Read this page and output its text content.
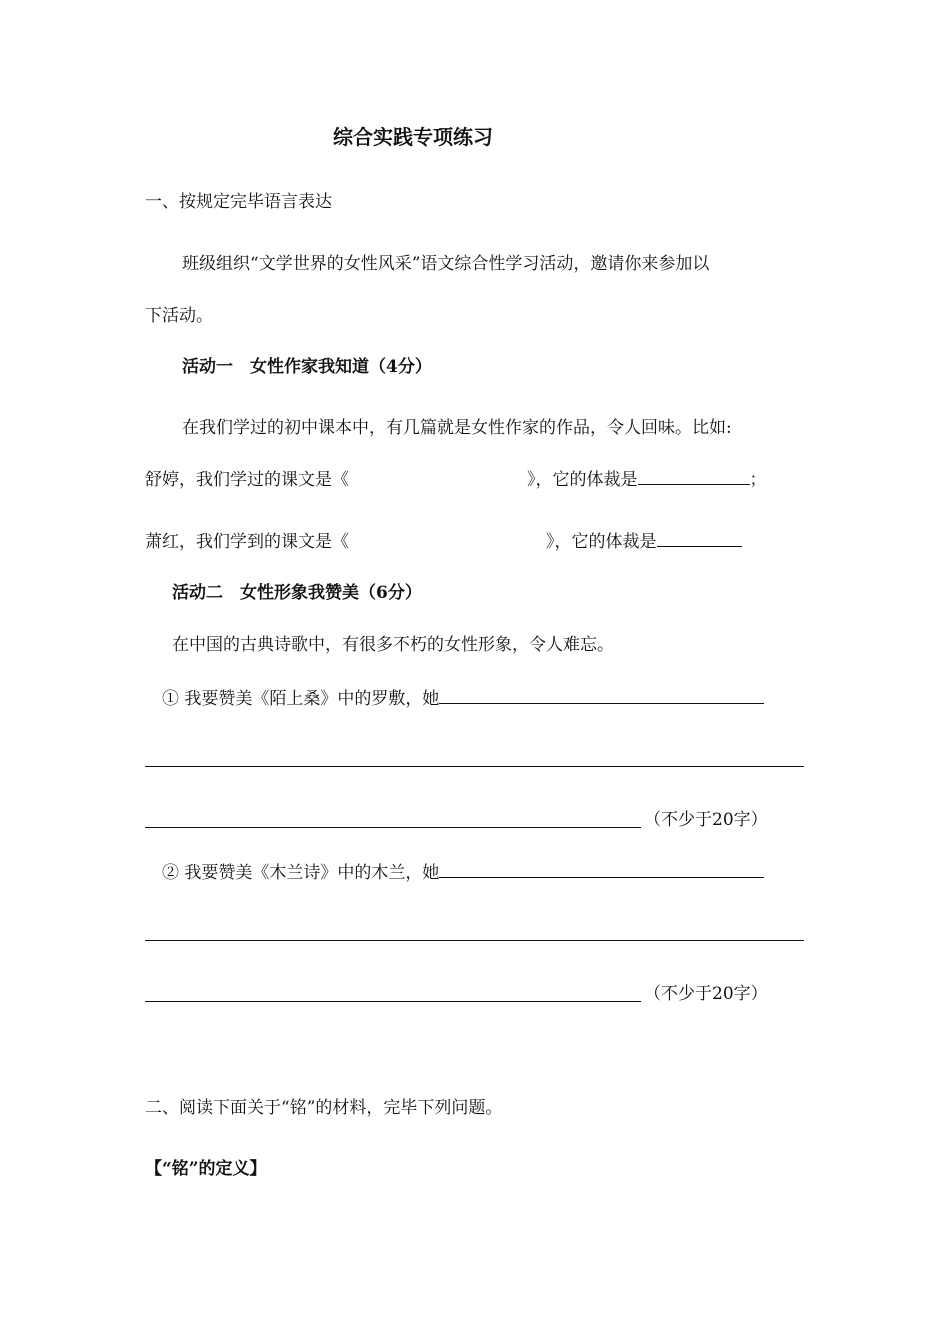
综合实践专项练习
一、按规定完毕语言表达
班级组织“文学世界的女性风采”语文综合性学习活动，邀请你来参加以
下活动。
活动一　女性作家我知道（4分）
在我们学过的初中课本中，有几篇就是女性作家的作品，令人回味。比如:
舒婷，我们学过的课文是《	》，它的体裁是	；
萧红，我们学到的课文是《	》，它的体裁是
活动二　女性形象我赞美（6分）
在中国的古典诗歌中，有很多不朽的女性形象，令人难忘。
① 我要赞美《陌上桑》中的罗敷，她
（不少于20字）
② 我要赞美《木兰诗》中的木兰，她
（不少于20字）
二、阅读下面关于“铭”的材料，完毕下列问题。
【“铭”的定义】
